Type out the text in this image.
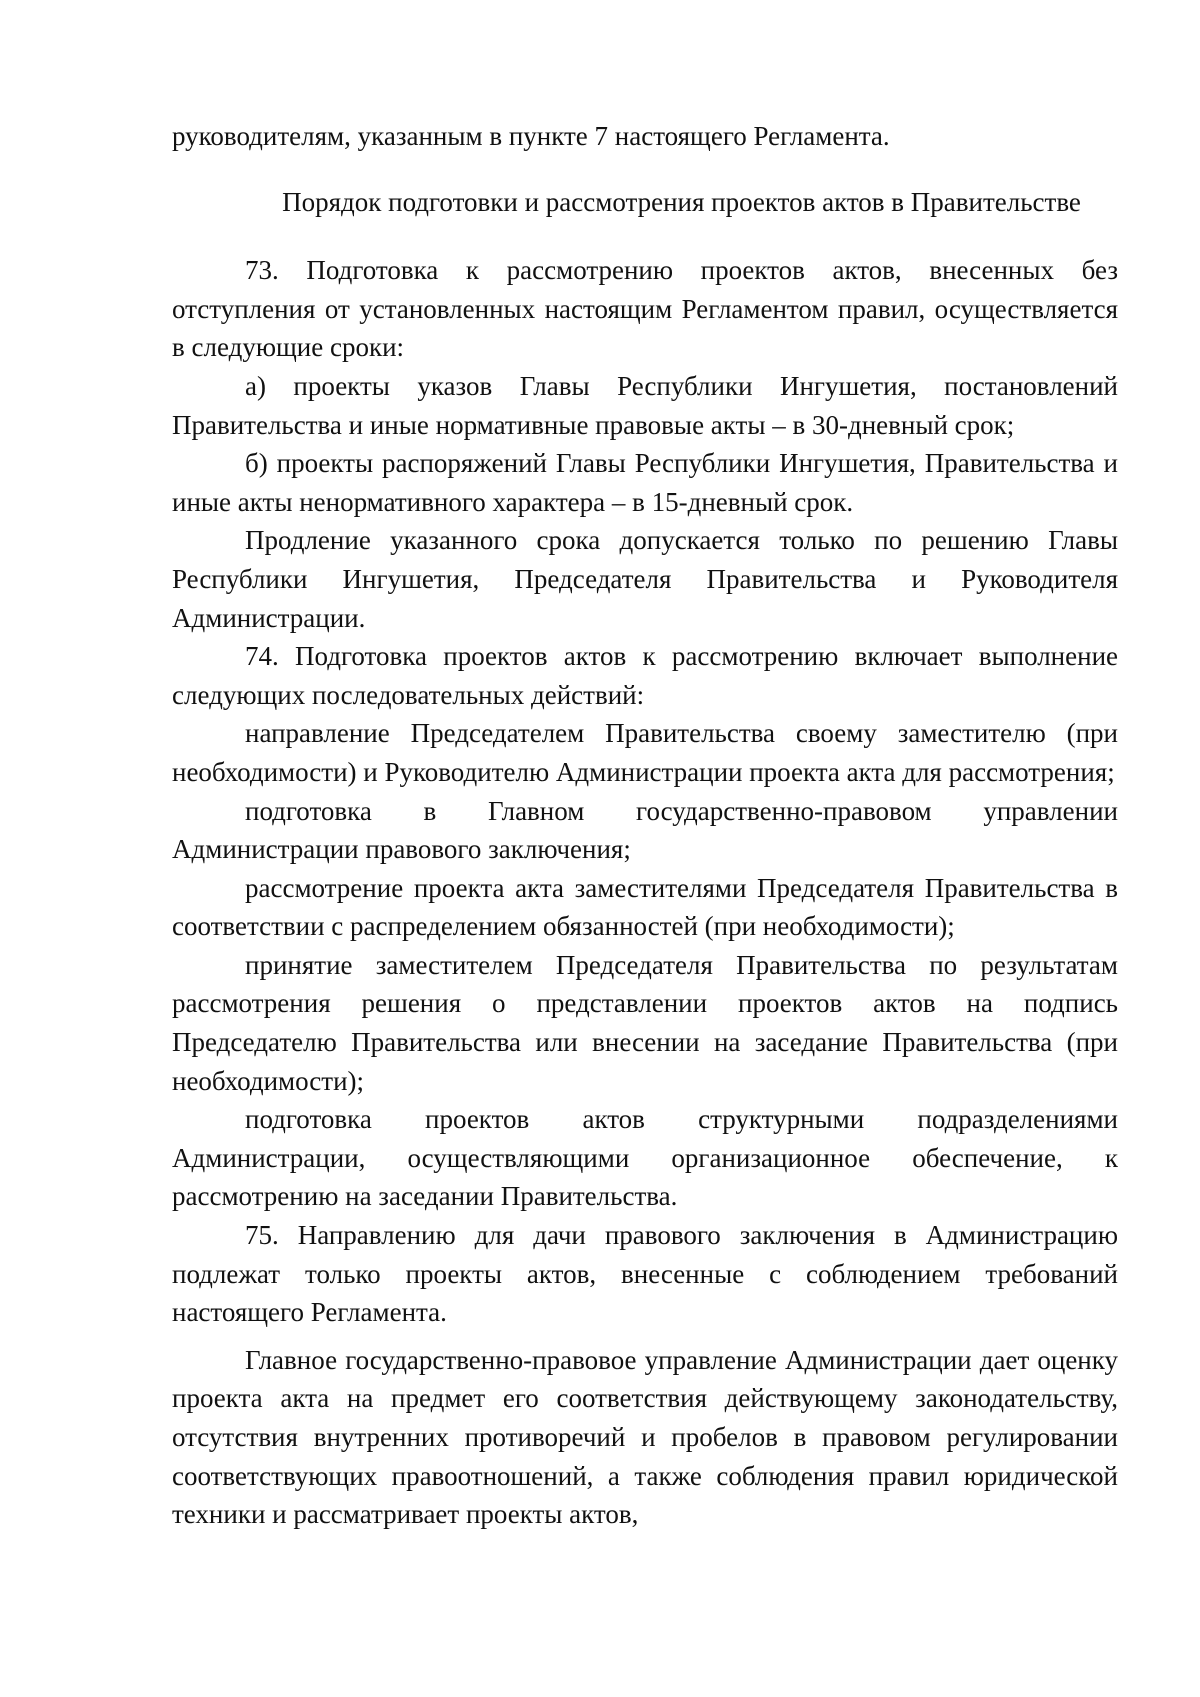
руководителям, указанным в пункте 7 настоящего Регламента.

Порядок подготовки и рассмотрения проектов актов в Правительстве

73. Подготовка к рассмотрению проектов актов, внесенных без отступления от установленных настоящим Регламентом правил, осуществляется в следующие сроки:

а) проекты указов Главы Республики Ингушетия, постановлений Правительства и иные нормативные правовые акты – в 30-дневный срок;

б) проекты распоряжений Главы Республики Ингушетия, Правительства и иные акты ненормативного характера – в 15-дневный срок.

Продление указанного срока допускается только по решению Главы Республики Ингушетия, Председателя Правительства и Руководителя Администрации.

74. Подготовка проектов актов к рассмотрению включает выполнение следующих последовательных действий:

направление Председателем Правительства своему заместителю (при необходимости) и Руководителю Администрации проекта акта для рассмотрения;

подготовка в Главном государственно-правовом управлении Администрации правового заключения;

рассмотрение проекта акта заместителями Председателя Правительства в соответствии с распределением обязанностей (при необходимости);

принятие заместителем Председателя Правительства по результатам рассмотрения решения о представлении проектов актов на подпись Председателю Правительства или внесении на заседание Правительства (при необходимости);

подготовка проектов актов структурными подразделениями Администрации, осуществляющими организационное обеспечение, к рассмотрению на заседании Правительства.

75. Направлению для дачи правового заключения в Администрацию подлежат только проекты актов, внесенные с соблюдением требований настоящего Регламента.

Главное государственно-правовое управление Администрации дает оценку проекта акта на предмет его соответствия действующему законодательству, отсутствия внутренних противоречий и пробелов в правовом регулировании соответствующих правоотношений, а также соблюдения правил юридической техники и рассматривает проекты актов,
